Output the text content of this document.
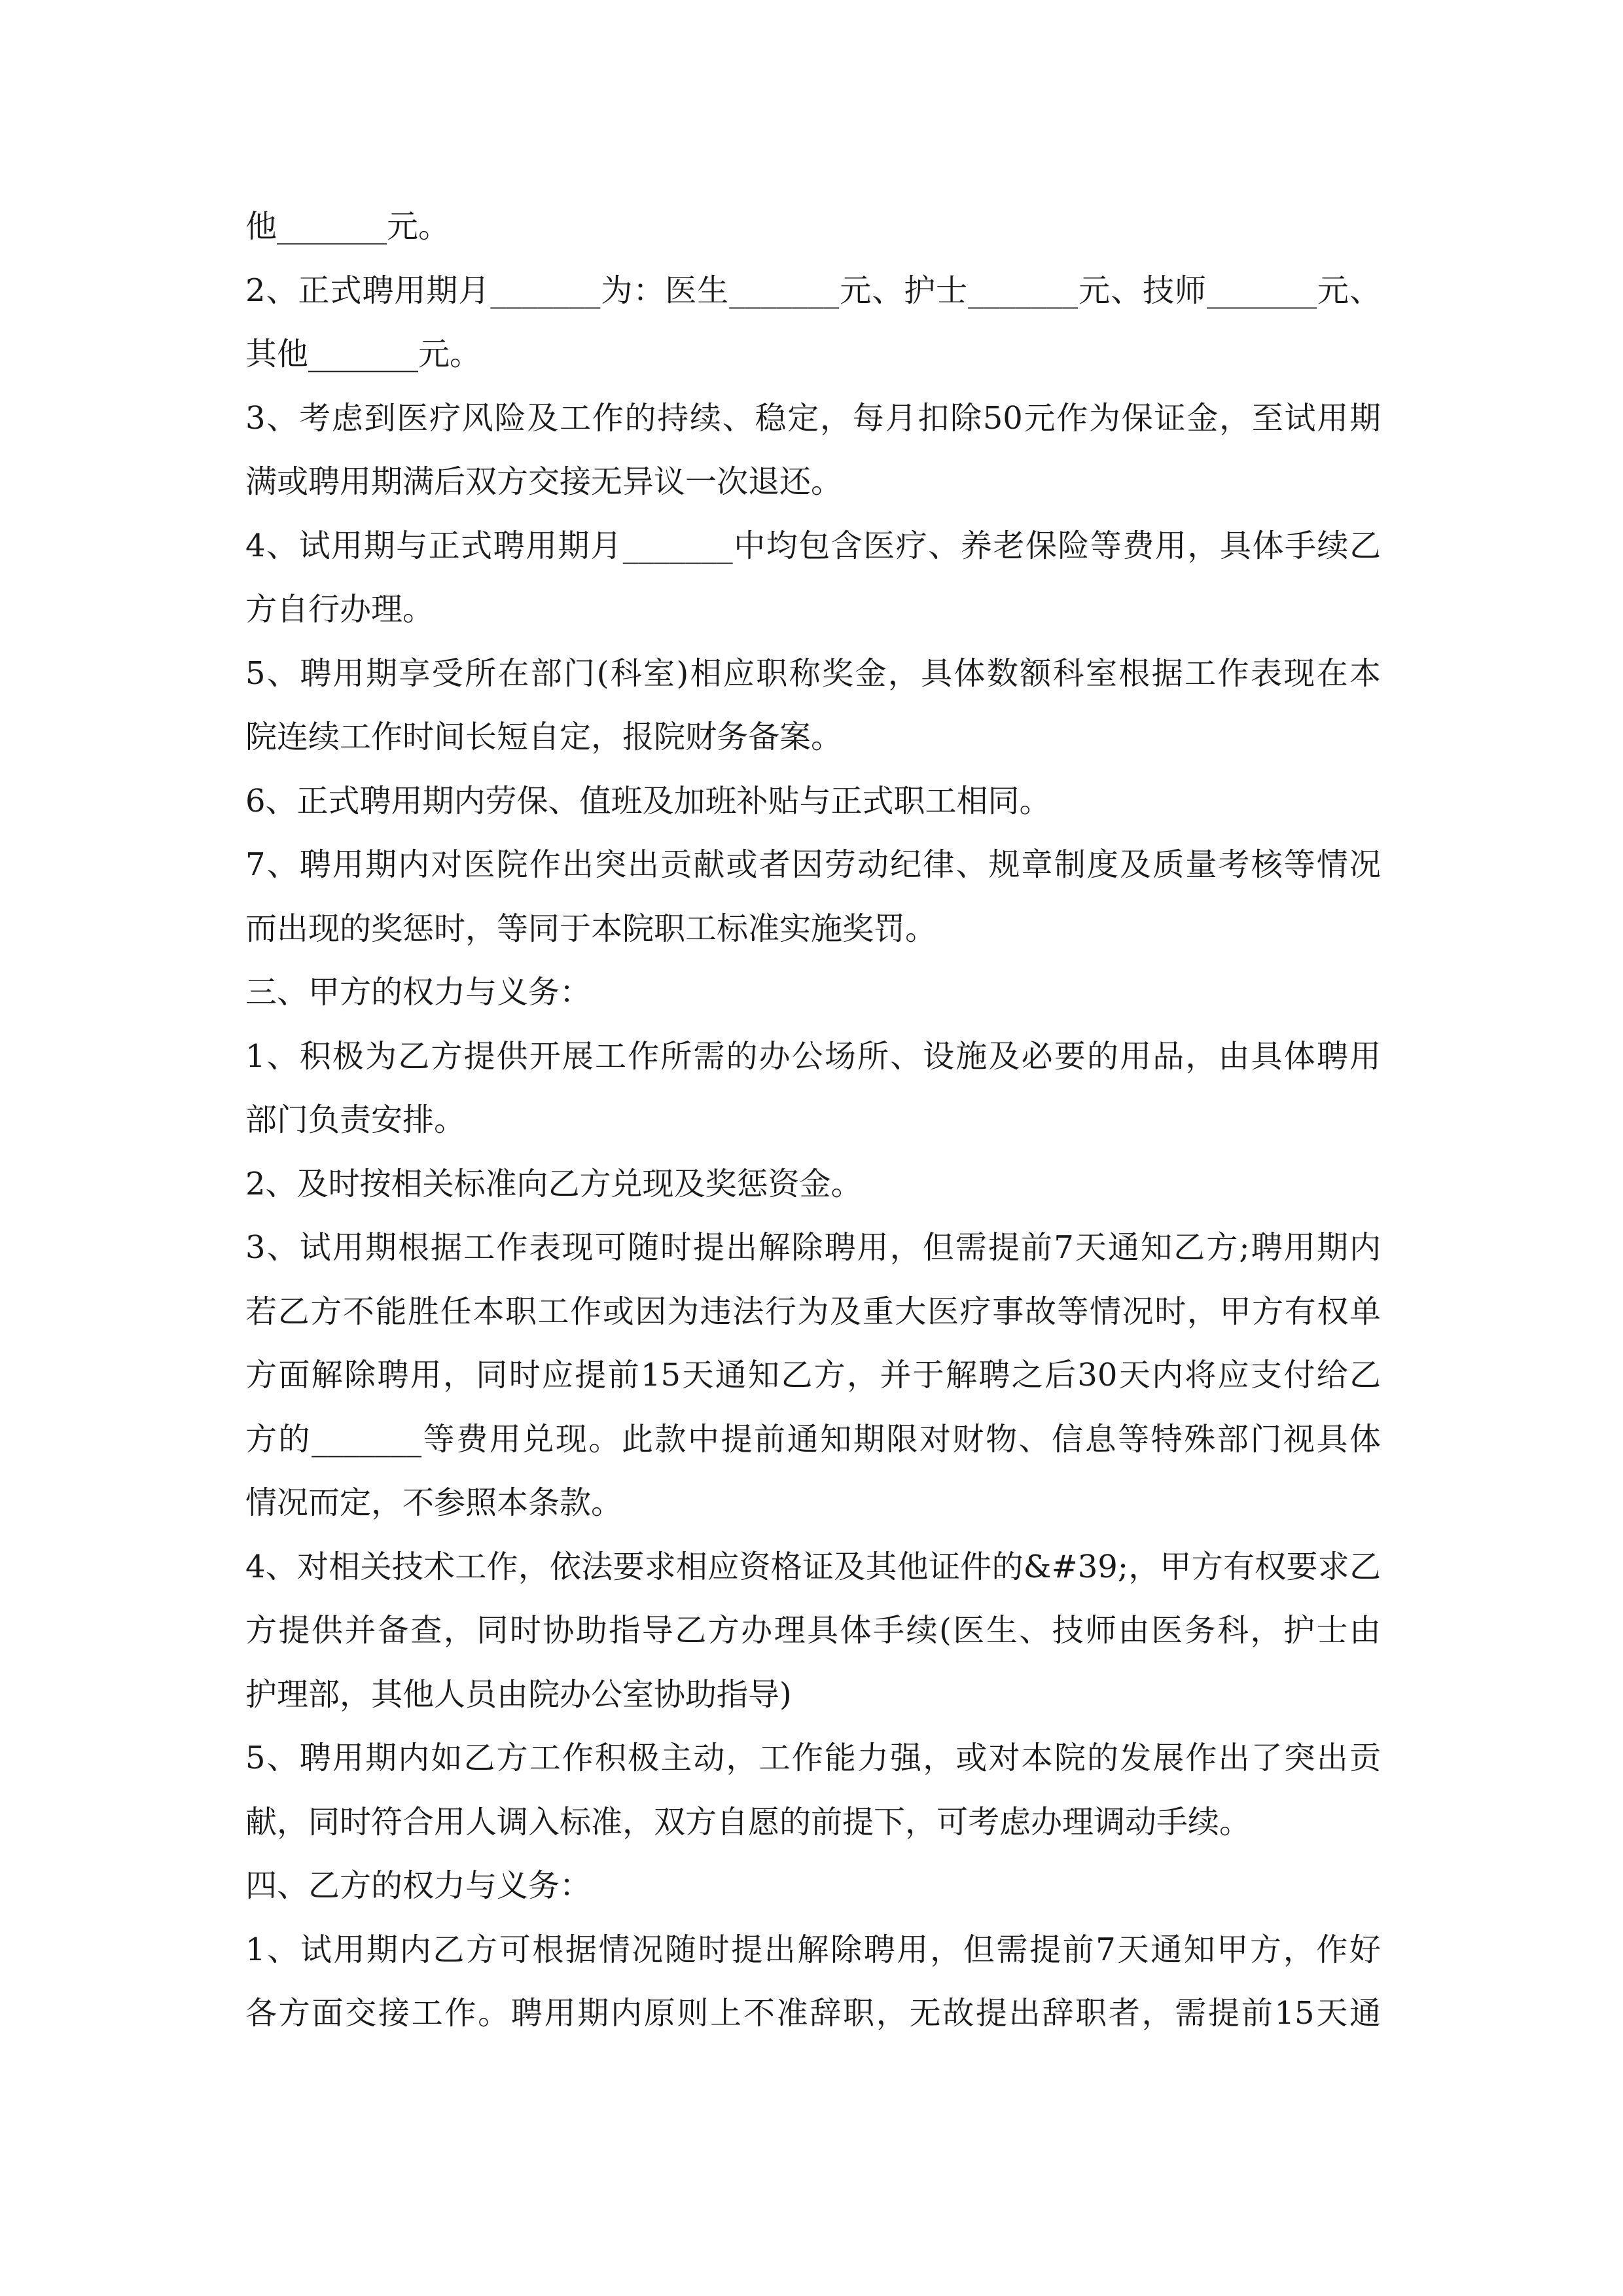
他_______元。
2、正式聘用期月_______为：医生_______元、护士_______元、技师_______元、
其他_______元。
3、考虑到医疗风险及工作的持续、稳定，每月扣除50元作为保证金，至试用期
满或聘用期满后双方交接无异议一次退还。
4、试用期与正式聘用期月_______中均包含医疗、养老保险等费用，具体手续乙
方自行办理。
5、聘用期享受所在部门(科室)相应职称奖金，具体数额科室根据工作表现在本
院连续工作时间长短自定，报院财务备案。
6、正式聘用期内劳保、值班及加班补贴与正式职工相同。
7、聘用期内对医院作出突出贡献或者因劳动纪律、规章制度及质量考核等情况
而出现的奖惩时，等同于本院职工标准实施奖罚。
三、甲方的权力与义务：
1、积极为乙方提供开展工作所需的办公场所、设施及必要的用品，由具体聘用
部门负责安排。
2、及时按相关标准向乙方兑现及奖惩资金。
3、试用期根据工作表现可随时提出解除聘用，但需提前7天通知乙方;聘用期内
若乙方不能胜任本职工作或因为违法行为及重大医疗事故等情况时，甲方有权单
方面解除聘用，同时应提前15天通知乙方，并于解聘之后30天内将应支付给乙
方的_______等费用兑现。此款中提前通知期限对财物、信息等特殊部门视具体
情况而定，不参照本条款。
4、对相关技术工作，依法要求相应资格证及其他证件的&#39;，甲方有权要求乙
方提供并备查，同时协助指导乙方办理具体手续(医生、技师由医务科，护士由
护理部，其他人员由院办公室协助指导)
5、聘用期内如乙方工作积极主动，工作能力强，或对本院的发展作出了突出贡
献，同时符合用人调入标准，双方自愿的前提下，可考虑办理调动手续。
四、乙方的权力与义务：
1、试用期内乙方可根据情况随时提出解除聘用，但需提前7天通知甲方，作好
各方面交接工作。聘用期内原则上不准辞职，无故提出辞职者，需提前15天通
